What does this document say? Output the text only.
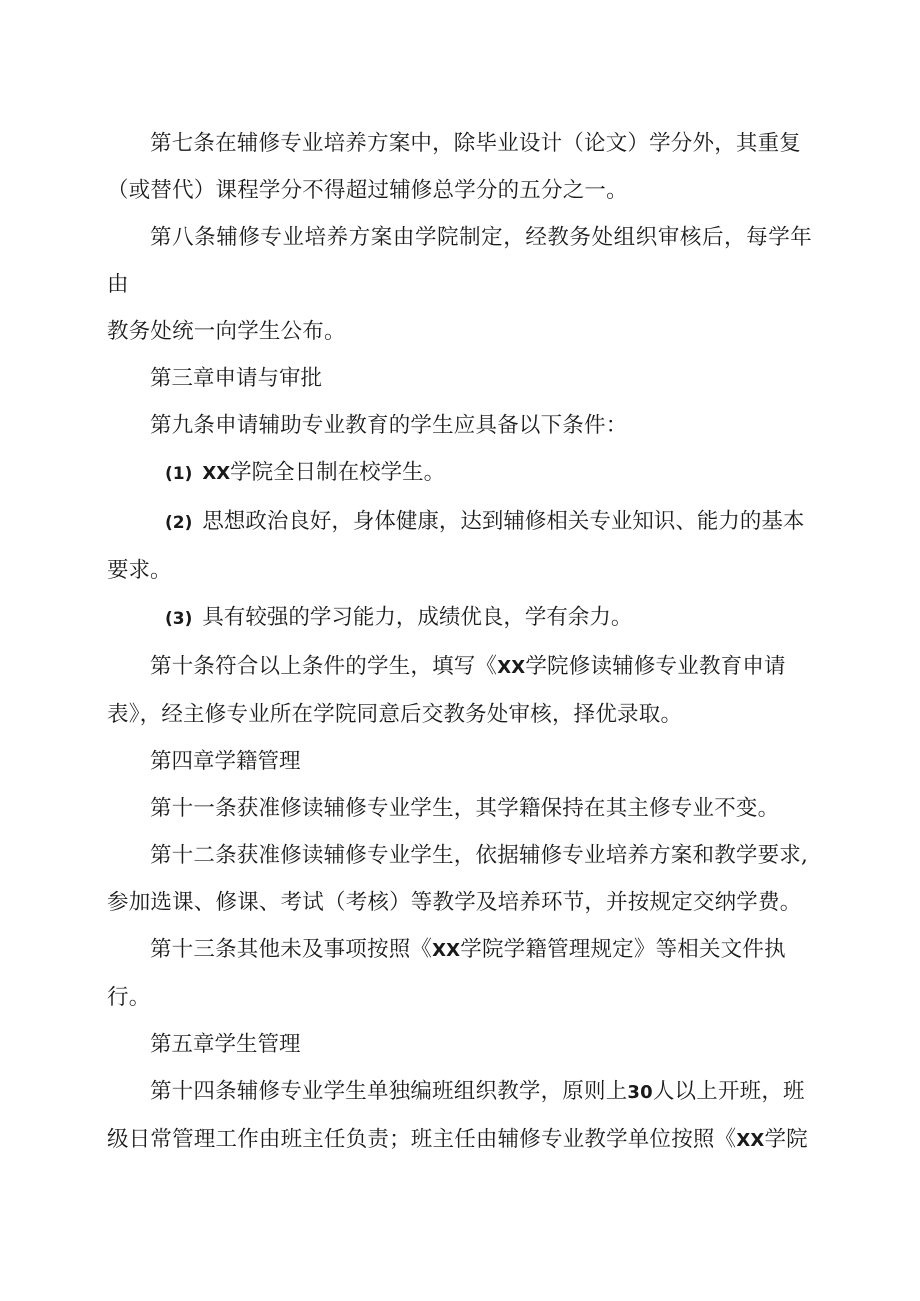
第七条在辅修专业培养方案中，除毕业设计（论文）学分外，其重复
（或替代）课程学分不得超过辅修总学分的五分之一。

第八条辅修专业培养方案由学院制定，经教务处组织审核后，每学年由
教务处统一向学生公布。

第三章申请与审批

第九条申请辅助专业教育的学生应具备以下条件：

(1) XX学院全日制在校学生。

(2) 思想政治良好，身体健康，达到辅修相关专业知识、能力的基本
要求。

(3) 具有较强的学习能力，成绩优良，学有余力。

第十条符合以上条件的学生，填写《XX学院修读辅修专业教育申请
表》，经主修专业所在学院同意后交教务处审核，择优录取。

第四章学籍管理

第十一条获准修读辅修专业学生，其学籍保持在其主修专业不变。

第十二条获准修读辅修专业学生，依据辅修专业培养方案和教学要求,
参加选课、修课、考试（考核）等教学及培养环节，并按规定交纳学费。

第十三条其他未及事项按照《XX学院学籍管理规定》等相关文件执
行。

第五章学生管理

第十四条辅修专业学生单独编班组织教学，原则上30人以上开班，班
级日常管理工作由班主任负责；班主任由辅修专业教学单位按照《XX学院
